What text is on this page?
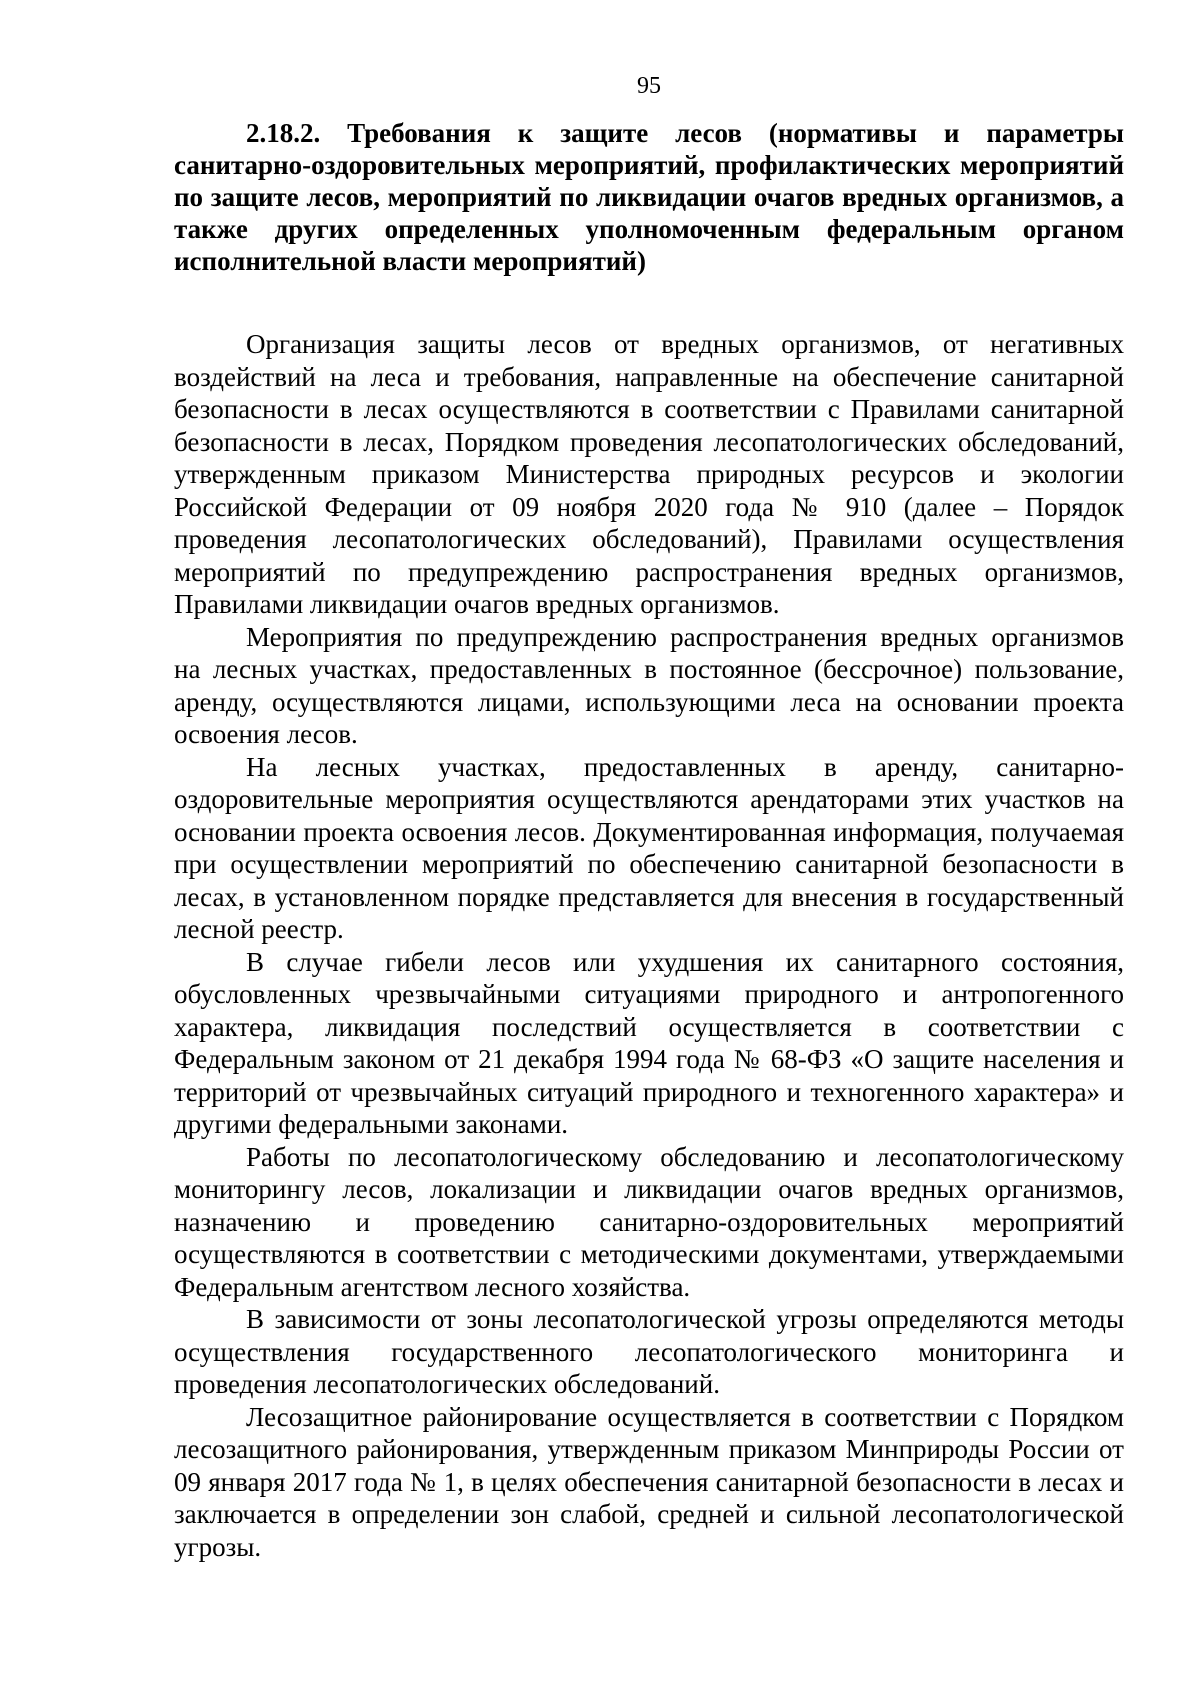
95
2.18.2. Требования к защите лесов (нормативы и параметры санитарно-оздоровительных мероприятий, профилактических мероприятий по защите лесов, мероприятий по ликвидации очагов вредных организмов, а также других определенных уполномоченным федеральным органом исполнительной власти мероприятий)

Организация защиты лесов от вредных организмов, от негативных воздействий на леса и требования, направленные на обеспечение санитарной безопасности в лесах осуществляются в соответствии с Правилами санитарной безопасности в лесах, Порядком проведения лесопатологических обследований, утвержденным приказом Министерства природных ресурсов и экологии Российской Федерации от 09 ноября 2020 года № 910 (далее – Порядок проведения лесопатологических обследований), Правилами осуществления мероприятий по предупреждению распространения вредных организмов, Правилами ликвидации очагов вредных организмов.

Мероприятия по предупреждению распространения вредных организмов на лесных участках, предоставленных в постоянное (бессрочное) пользование, аренду, осуществляются лицами, использующими леса на основании проекта освоения лесов.

На лесных участках, предоставленных в аренду, санитарно-оздоровительные мероприятия осуществляются арендаторами этих участков на основании проекта освоения лесов. Документированная информация, получаемая при осуществлении мероприятий по обеспечению санитарной безопасности в лесах, в установленном порядке представляется для внесения в государственный лесной реестр.

В случае гибели лесов или ухудшения их санитарного состояния, обусловленных чрезвычайными ситуациями природного и антропогенного характера, ликвидация последствий осуществляется в соответствии с Федеральным законом от 21 декабря 1994 года № 68-ФЗ «О защите населения и территорий от чрезвычайных ситуаций природного и техногенного характера» и другими федеральными законами.

Работы по лесопатологическому обследованию и лесопатологическому мониторингу лесов, локализации и ликвидации очагов вредных организмов, назначению и проведению санитарно-оздоровительных мероприятий осуществляются в соответствии с методическими документами, утверждаемыми Федеральным агентством лесного хозяйства.

В зависимости от зоны лесопатологической угрозы определяются методы осуществления государственного лесопатологического мониторинга и проведения лесопатологических обследований.

Лесозащитное районирование осуществляется в соответствии с Порядком лесозащитного районирования, утвержденным приказом Минприроды России от 09 января 2017 года № 1, в целях обеспечения санитарной безопасности в лесах и заключается в определении зон слабой, средней и сильной лесопатологической угрозы.
